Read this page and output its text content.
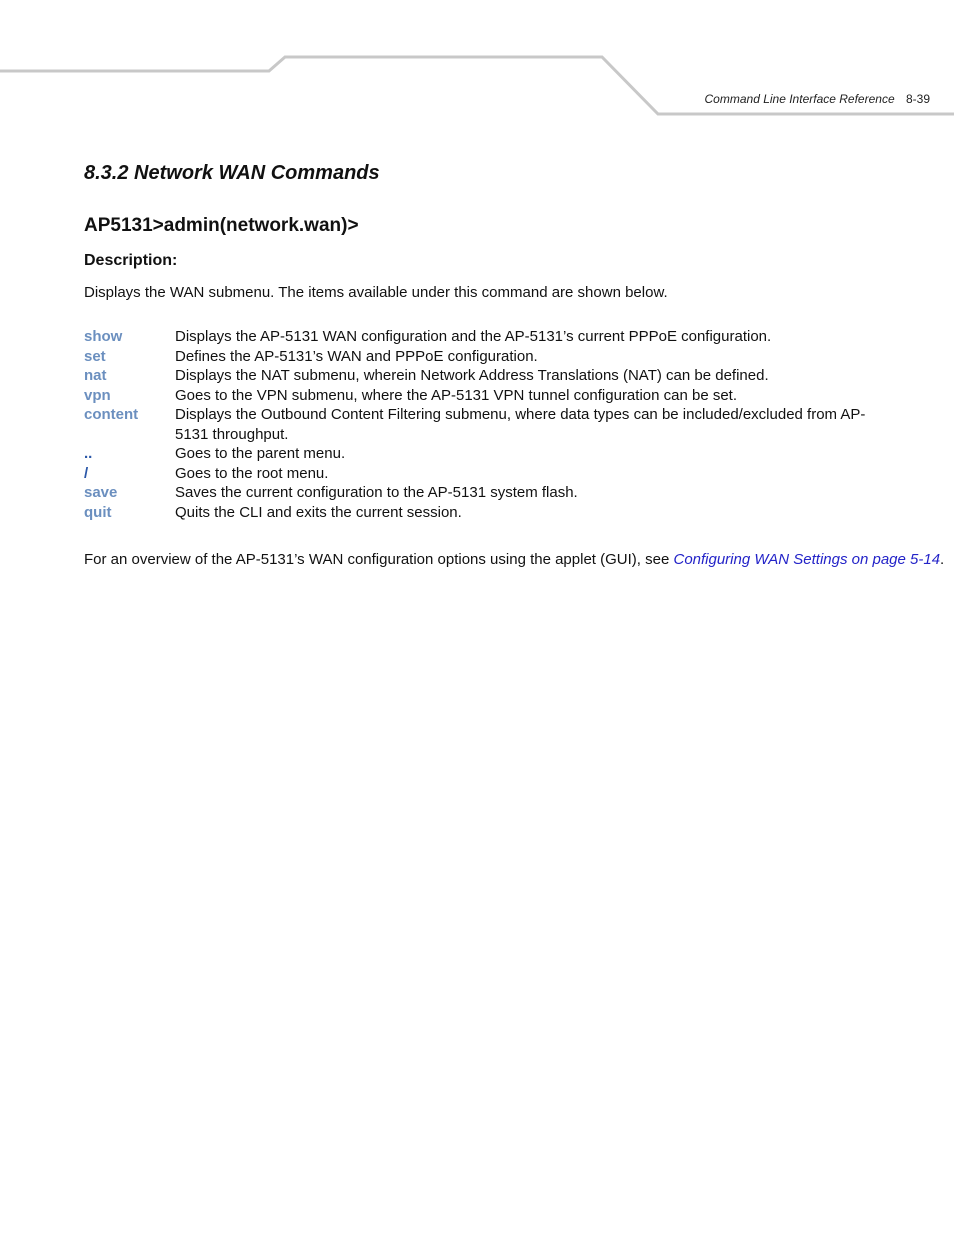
Command Line Interface Reference 8-39
8.3.2 Network WAN Commands
AP5131>admin(network.wan)>
Description:

Displays the WAN submenu. The items available under this command are shown below.

show	Displays the AP-5131 WAN configuration and the AP-5131’s current PPPoE configuration.
set	Defines the AP-5131’s WAN and PPPoE configuration.
nat	Displays the NAT submenu, wherein Network Address Translations (NAT) can be defined.
vpn	Goes to the VPN submenu, where the AP-5131 VPN tunnel configuration can be set.
content	Displays the Outbound Content Filtering submenu, where data types can be included/excluded from AP-5131 throughput.
..	Goes to the parent menu.
/	Goes to the root menu.
save	Saves the current configuration to the AP-5131 system flash.
quit	Quits the CLI and exits the current session.

For an overview of the AP-5131’s WAN configuration options using the applet (GUI), see Configuring WAN Settings on page 5-14.
